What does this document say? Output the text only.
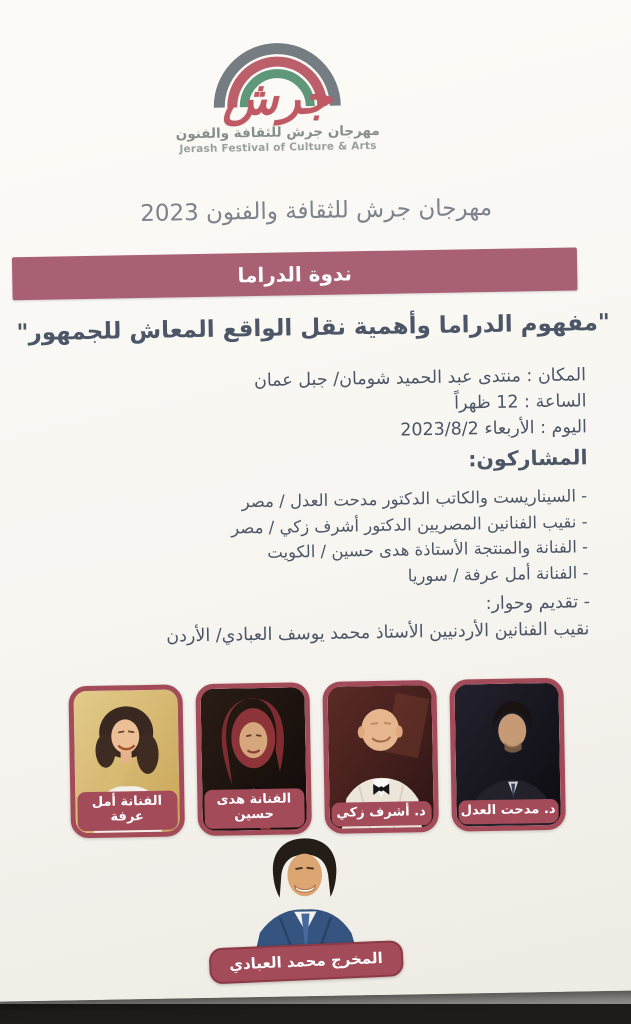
جرش
مهرجان جرش للثقافة والفنون
Jerash Festival of Culture & Arts
مهرجان جرش للثقافة والفنون 2023
ندوة الدراما
"مفهوم الدراما وأهمية نقل الواقع المعاش للجمهور"
المكان : منتدى عبد الحميد شومان/ جبل عمان
الساعة : 12 ظهراً
اليوم : الأربعاء 2023/8/2
المشاركون:
- السيناريست والكاتب الدكتور مدحت العدل / مصر
- نقيب الفنانين المصريين الدكتور أشرف زكي / مصر
- الفنانة والمنتجة الأستاذة هدى حسين / الكويت
- الفنانة أمل عرفة / سوريا
- تقديم وحوار:
نقيب الفنانين الأردنيين الأستاذ محمد يوسف العبادي/ الأردن
د. مدحت العدل
د. أشرف زكي
الفنانة هدى حسين
الفنانة أمل عرفة
المخرج محمد العبادي
